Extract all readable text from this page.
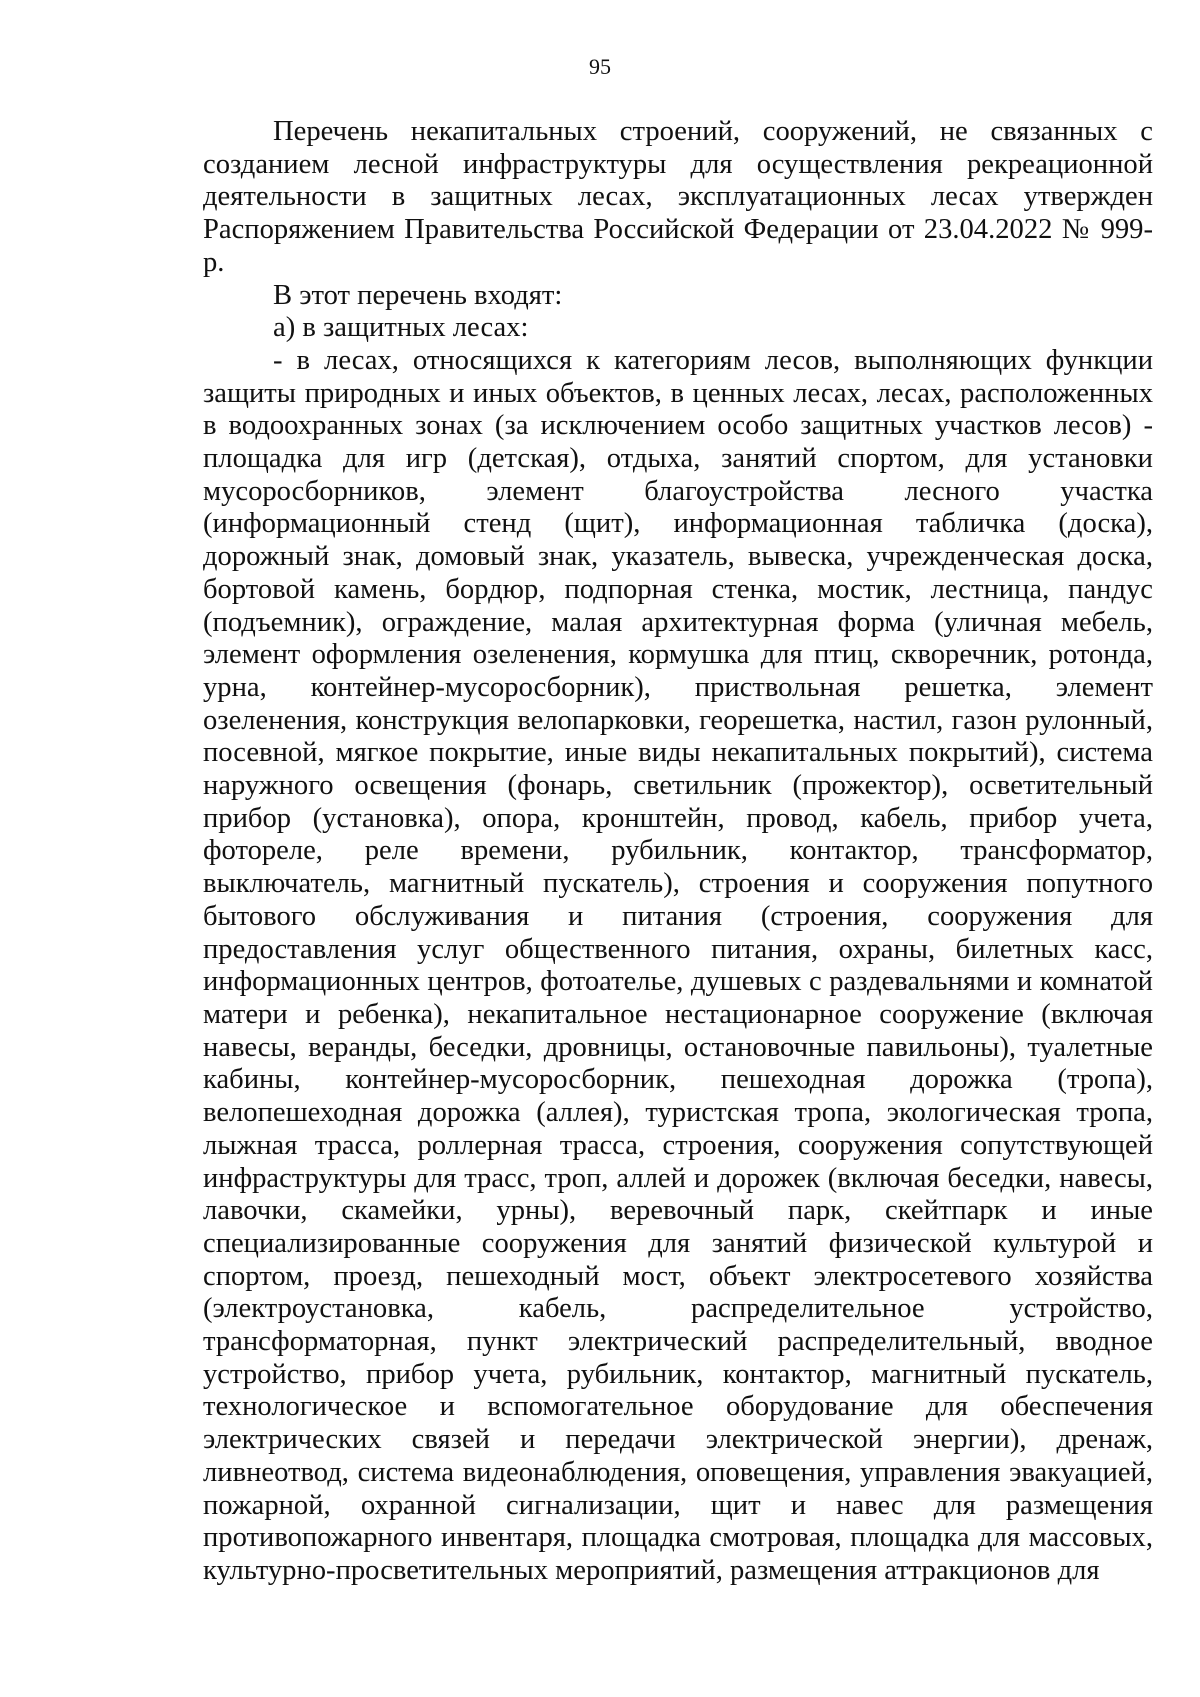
95

Перечень некапитальных строений, сооружений, не связанных с созданием лесной инфраструктуры для осуществления рекреационной деятельности в защитных лесах, эксплуатационных лесах утвержден Распоряжением Правительства Российской Федерации от 23.04.2022 № 999-р.

В этот перечень входят:

а) в защитных лесах:

- в лесах, относящихся к категориям лесов, выполняющих функции защиты природных и иных объектов, в ценных лесах, лесах, расположенных в водоохранных зонах (за исключением особо защитных участков лесов) - площадка для игр (детская), отдыха, занятий спортом, для установки мусоросборников, элемент благоустройства лесного участка (информационный стенд (щит), информационная табличка (доска), дорожный знак, домовый знак, указатель, вывеска, учрежденческая доска, бортовой камень, бордюр, подпорная стенка, мостик, лестница, пандус (подъемник), ограждение, малая архитектурная форма (уличная мебель, элемент оформления озеленения, кормушка для птиц, скворечник, ротонда, урна, контейнер-мусоросборник), приствольная решетка, элемент озеленения, конструкция велопарковки, георешетка, настил, газон рулонный, посевной, мягкое покрытие, иные виды некапитальных покрытий), система наружного освещения (фонарь, светильник (прожектор), осветительный прибор (установка), опора, кронштейн, провод, кабель, прибор учета, фотореле, реле времени, рубильник, контактор, трансформатор, выключатель, магнитный пускатель), строения и сооружения попутного бытового обслуживания и питания (строения, сооружения для предоставления услуг общественного питания, охраны, билетных касс, информационных центров, фотоателье, душевых с раздевальнями и комнатой матери и ребенка), некапитальное нестационарное сооружение (включая навесы, веранды, беседки, дровницы, остановочные павильоны), туалетные кабины, контейнер-мусоросборник, пешеходная дорожка (тропа), велопешеходная дорожка (аллея), туристская тропа, экологическая тропа, лыжная трасса, роллерная трасса, строения, сооружения сопутствующей инфраструктуры для трасс, троп, аллей и дорожек (включая беседки, навесы, лавочки, скамейки, урны), веревочный парк, скейтпарк и иные специализированные сооружения для занятий физической культурой и спортом, проезд, пешеходный мост, объект электросетевого хозяйства (электроустановка, кабель, распределительное устройство, трансформаторная, пункт электрический распределительный, вводное устройство, прибор учета, рубильник, контактор, магнитный пускатель, технологическое и вспомогательное оборудование для обеспечения электрических связей и передачи электрической энергии), дренаж, ливнеотвод, система видеонаблюдения, оповещения, управления эвакуацией, пожарной, охранной сигнализации, щит и навес для размещения противопожарного инвентаря, площадка смотровая, площадка для массовых, культурно-просветительных мероприятий, размещения аттракционов для
